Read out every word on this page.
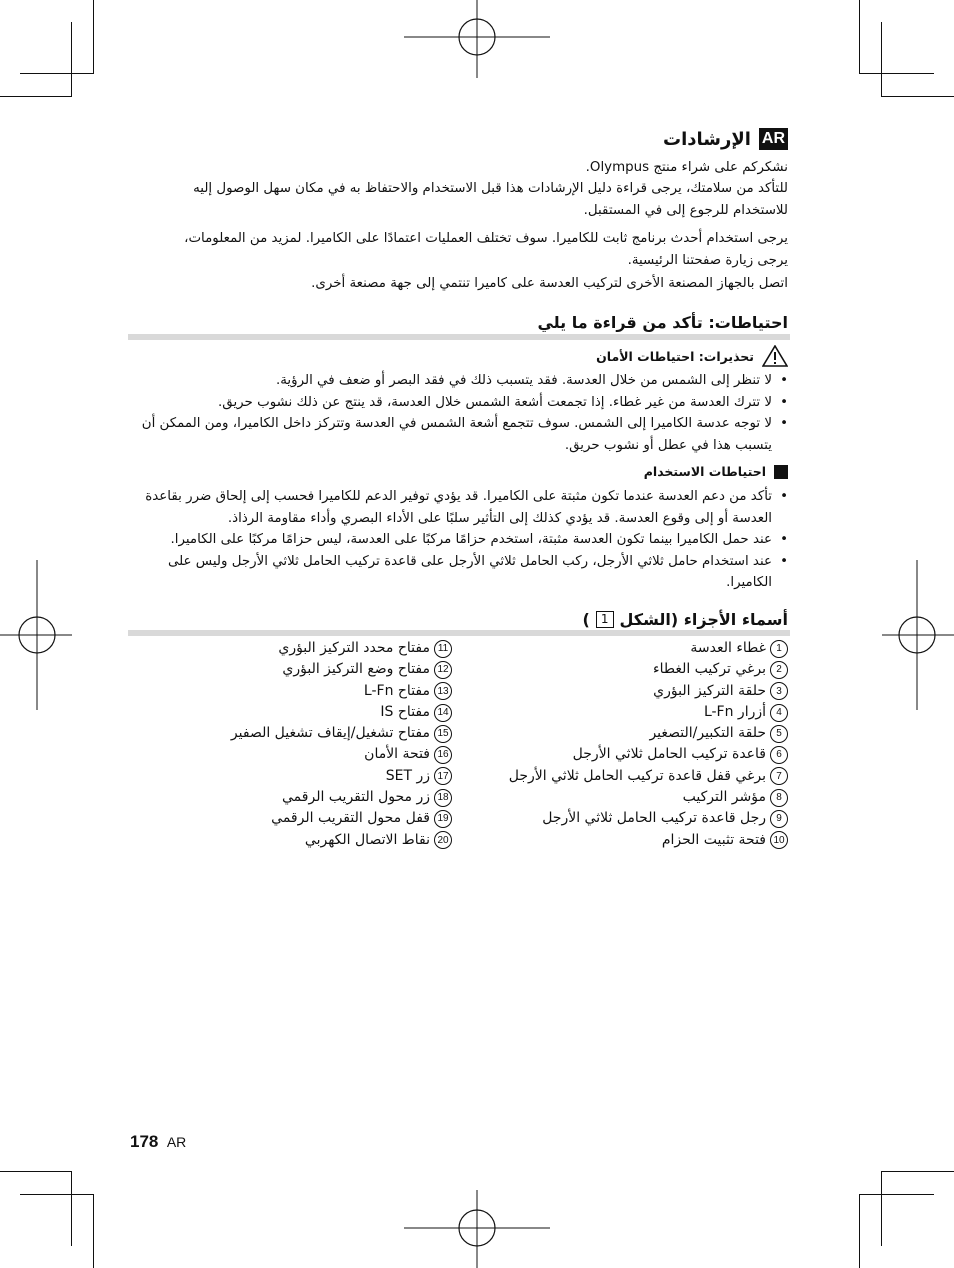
AR
الإرشادات
نشكركم على شراء منتج Olympus.
للتأكد من سلامتك، يرجى قراءة دليل الإرشادات هذا قبل الاستخدام والاحتفاظ به في مكان سهل الوصول إليه للاستخدام للرجوع إلى في المستقبل.
يرجى استخدام أحدث برنامج ثابت للكاميرا. سوف تختلف العمليات اعتمادًا على الكاميرا. لمزيد من المعلومات، يرجى زيارة صفحتنا الرئيسية.
اتصل بالجهاز المصنعة الأخرى لتركيب العدسة على كاميرا تنتمي إلى جهة مصنعة أخرى.
احتياطات: تأكد من قراءة ما يلي
تحذيرات: احتياطات الأمان
• لا تنظر إلى الشمس من خلال العدسة. فقد يتسبب ذلك في فقد البصر أو ضعف في الرؤية.
• لا تترك العدسة من غير غطاء. إذا تجمعت أشعة الشمس خلال العدسة، قد ينتج عن ذلك نشوب حريق.
• لا توجه عدسة الكاميرا إلى الشمس. سوف تتجمع أشعة الشمس في العدسة وتتركز داخل الكاميرا، ومن الممكن أن يتسبب هذا في عطل أو نشوب حريق.
احتياطات الاستخدام
• تأكد من دعم العدسة عندما تكون مثبتة على الكاميرا. قد يؤدي توفير الدعم للكاميرا فحسب إلى إلحاق ضرر بقاعدة العدسة أو إلى وقوع العدسة. قد يؤدي كذلك إلى التأثير سلبًا على الأداء البصري وأداء مقاومة الرذاذ.
• عند حمل الكاميرا بينما تكون العدسة مثبتة، استخدم حزامًا مركبًا على العدسة، ليس حزامًا مركبًا على الكاميرا.
• عند استخدام حامل ثلاثي الأرجل، ركب الحامل ثلاثي الأرجل على قاعدة تركيب الحامل ثلاثي الأرجل وليس على الكاميرا.
أسماء الأجزاء (الشكل
1
)
1
غطاء العدسة
2
برغي تركيب الغطاء
3
حلقة التركيز البؤري
4
أزرار L-Fn
5
حلقة التكبير/التصغير
6
قاعدة تركيب الحامل ثلاثي الأرجل
7
برغي قفل قاعدة تركيب الحامل ثلاثي الأرجل
8
مؤشر التركيب
9
رجل قاعدة تركيب الحامل ثلاثي الأرجل
10
فتحة تثبيت الحزام
11
مفتاح محدد التركيز البؤري
12
مفتاح وضع التركيز البؤري
13
مفتاح L-Fn
14
مفتاح IS
15
مفتاح تشغيل/إيقاف تشغيل الصفير
16
فتحة الأمان
17
زر SET
18
زر محول التقريب الرقمي
19
قفل محول التقريب الرقمي
20
نقاط الاتصال الكهربي
178 AR
